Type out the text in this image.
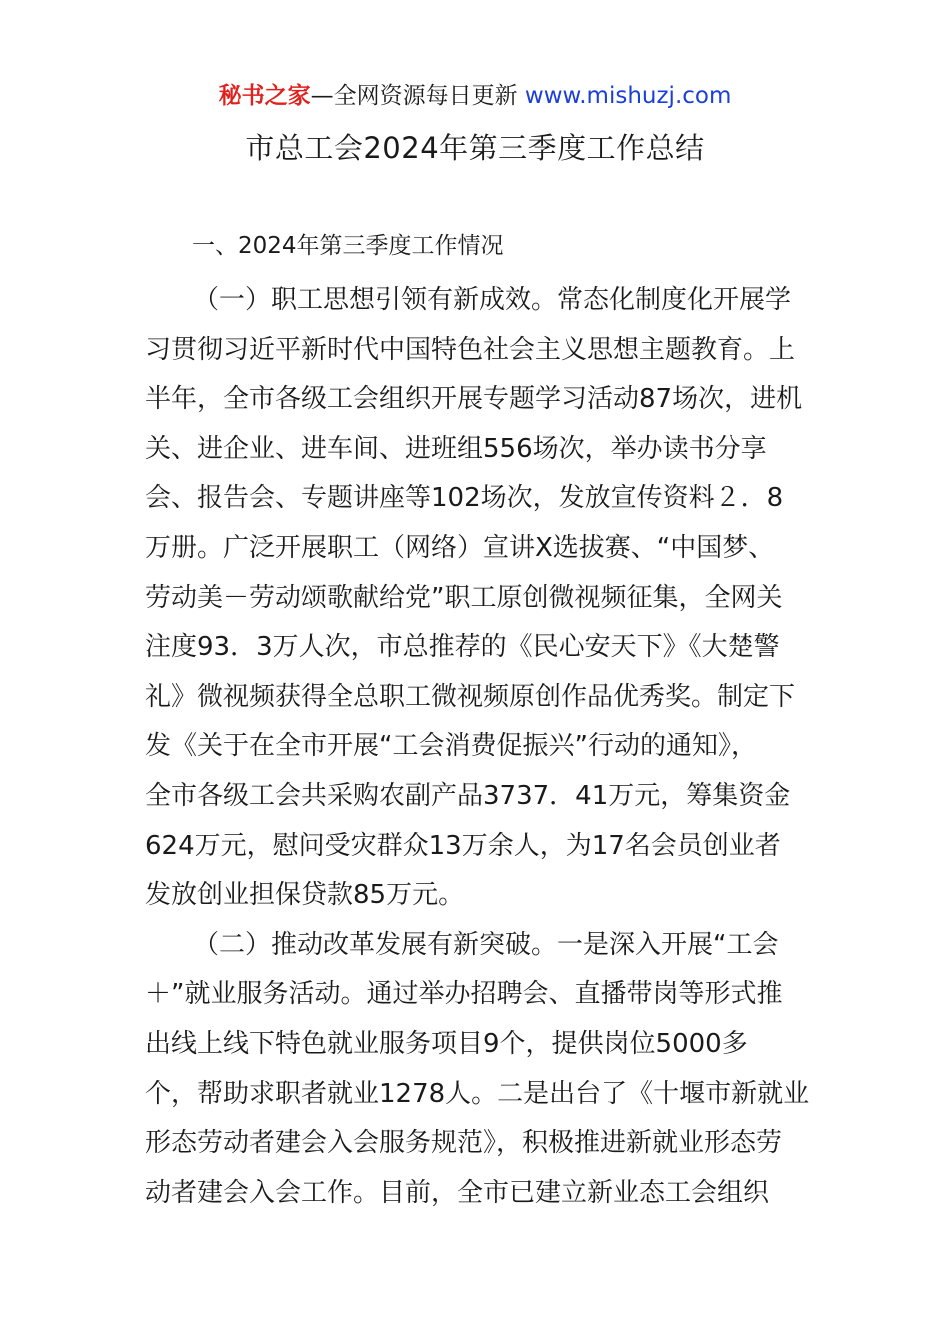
秘书之家—全网资源每日更新 www.mishuzj.com
市总工会2024年第三季度工作总结
一、2024年第三季度工作情况
（一）职工思想引领有新成效。常态化制度化开展学
习贯彻习近平新时代中国特色社会主义思想主题教育。上
半年，全市各级工会组织开展专题学习活动87场次，进机
关、进企业、进车间、进班组556场次，举办读书分享
会、报告会、专题讲座等102场次，发放宣传资料２．8
万册。广泛开展职工（网络）宣讲X选拔赛、“中国梦、
劳动美－劳动颂歌献给党”职工原创微视频征集，全网关
注度93．3万人次，市总推荐的《民心安天下》《大楚警
礼》微视频获得全总职工微视频原创作品优秀奖。制定下
发《关于在全市开展“工会消费促振兴”行动的通知》，
全市各级工会共采购农副产品3737．41万元，筹集资金
624万元，慰问受灾群众13万余人，为17名会员创业者
发放创业担保贷款85万元。
（二）推动改革发展有新突破。一是深入开展“工会
＋”就业服务活动。通过举办招聘会、直播带岗等形式推
出线上线下特色就业服务项目9个，提供岗位5000多
个，帮助求职者就业1278人。二是出台了《十堰市新就业
形态劳动者建会入会服务规范》，积极推进新就业形态劳
动者建会入会工作。目前，全市已建立新业态工会组织
